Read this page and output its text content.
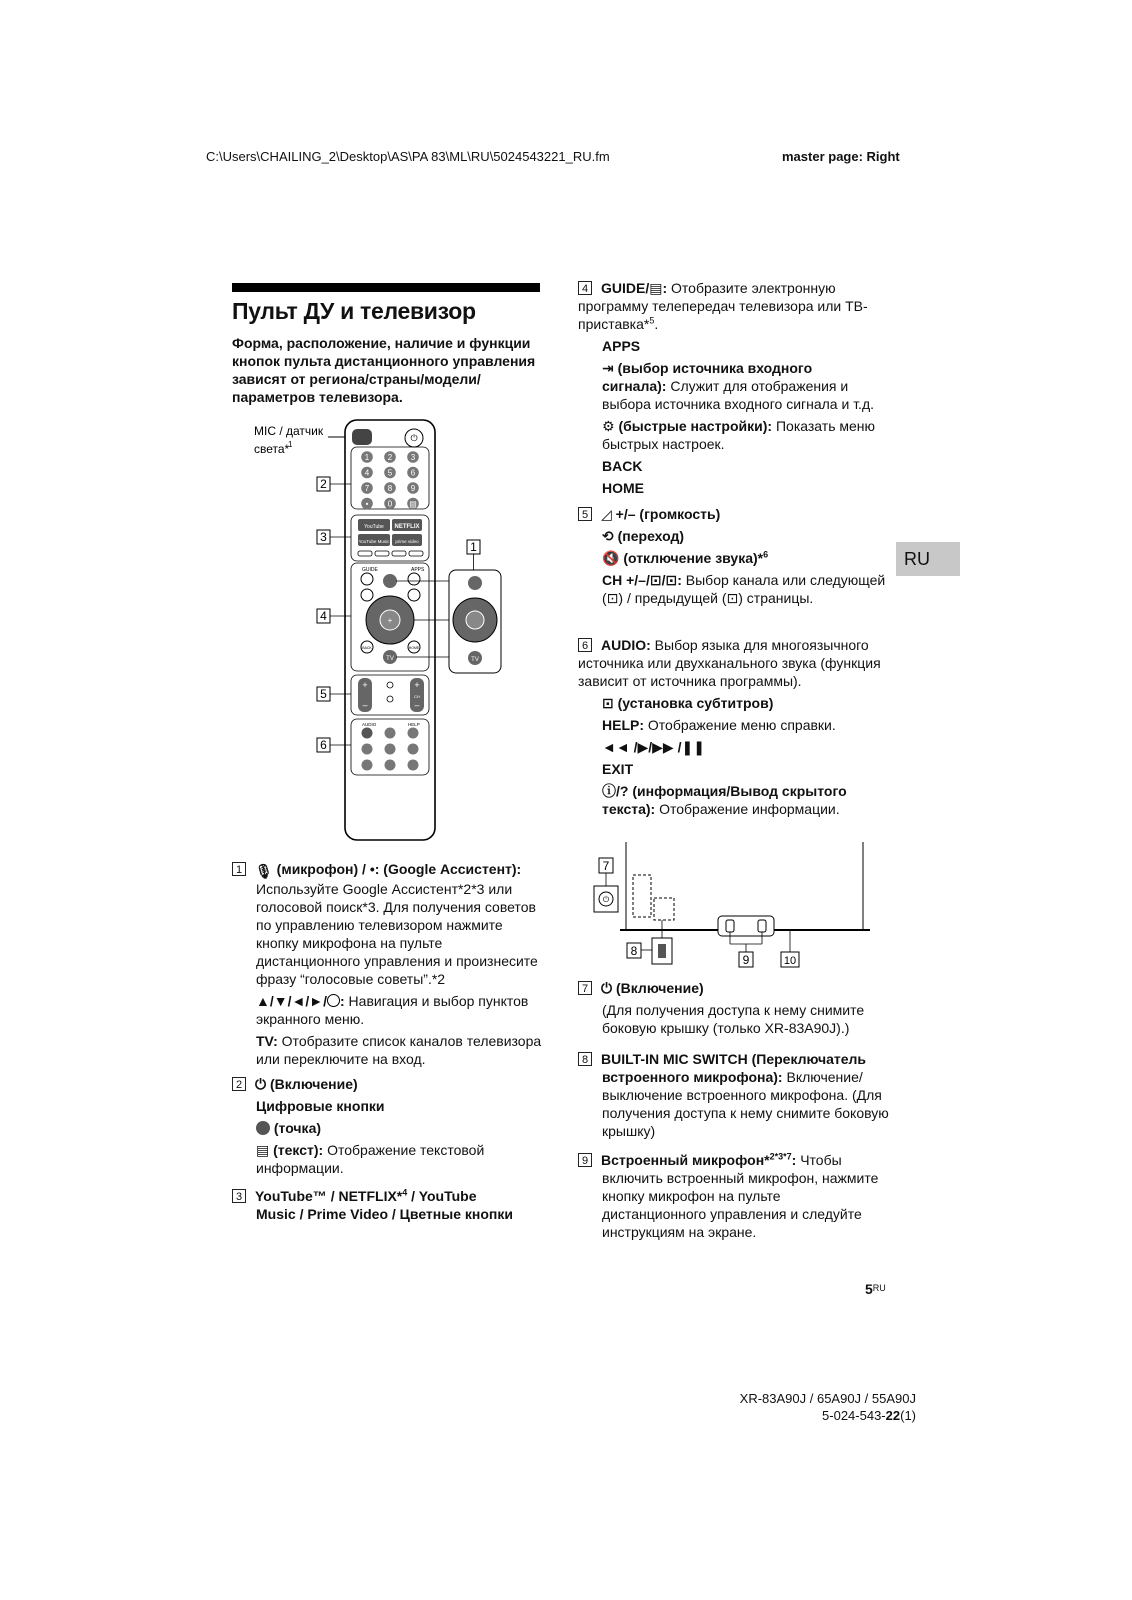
C:\Users\CHAILING_2\Desktop\AS\PA 83\ML\RU\5024543221_RU.fm	master page: Right
Пульт ДУ и телевизор
Форма, расположение, наличие и функции кнопок пульта дистанционного управления зависят от региона/страны/модели/параметров телевизора.
MIC / датчик
света*
1
⏻
1 2 3
4 5 6
7 8 9
• 0 ▤
YouTube NETFLIX
YouTube Music prime video
GUIDE	APPS
+
BACK	HOME
TV	TV
+
–
+
–
CH
AUDIO	HELP
2
3
4
5
6
1
1 🎙 (микрофон) / •: (Google Ассистент):
Используйте Google Ассистент*2*3 или голосовой поиск*3. Для получения советов по управлению телевизором нажмите кнопку микрофона на пульте дистанционного управления и произнесите фразу “голосовые советы”.*2
▲/▼/◄/►/ : Навигация и выбор пунктов экранного меню.
TV: Отобразите список каналов телевизора или переключите на вход.
2 ⏻ (Включение)
Цифровые кнопки
(точка)
▤ (текст): Отображение текстовой информации.
3 YouTube™ / NETFLIX*$^4$ / YouTube
Music / Prime Video / Цветные кнопки
4 GUIDE/▤: Отобразите электронную программу телепередач телевизора или ТВ-приставка*$^5$.
APPS
⇥ (выбор источника входного
сигнала): Служит для отображения и выбора источника входного сигнала и т.д.
⚙ (быстрые настройки): Показать меню быстрых настроек.
BACK
HOME
5 ◿ +/– (громкость)
⟲ (переход)
🔇 (отключение звука)*$^6$
CH +/–/⊡/⊡: Выбор канала или следующей (⊡) / предыдущей (⊡) страницы.
6 AUDIO: Выбор языка для многоязычного источника или двухканального звука (функция зависит от источника программы).
⊡ (установка субтитров)
HELP: Отображение меню справки.
◄◄ /▶/▶▶ /❚❚
EXIT
ⓘ/? (информация/Вывод скрытого
текста): Отображение информации.
⏻
7
8
9	10
7 ⏻ (Включение)
(Для получения доступа к нему снимите боковую крышку (только XR-83A90J).)
8 BUILT-IN MIC SWITCH (Переключатель встроенного микрофона): Включение/выключение встроенного микрофона. (Для получения доступа к нему снимите боковую крышку)
9 Встроенный микрофон*$^{2*3*7}$: Чтобы включить встроенный микрофон, нажмите кнопку микрофон на пульте дистанционного управления и следуйте инструкциям на экране.
RU
$5^{RU}$
XR-83A90J / 65A90J / 55A90J
5-024-543-22(1)
